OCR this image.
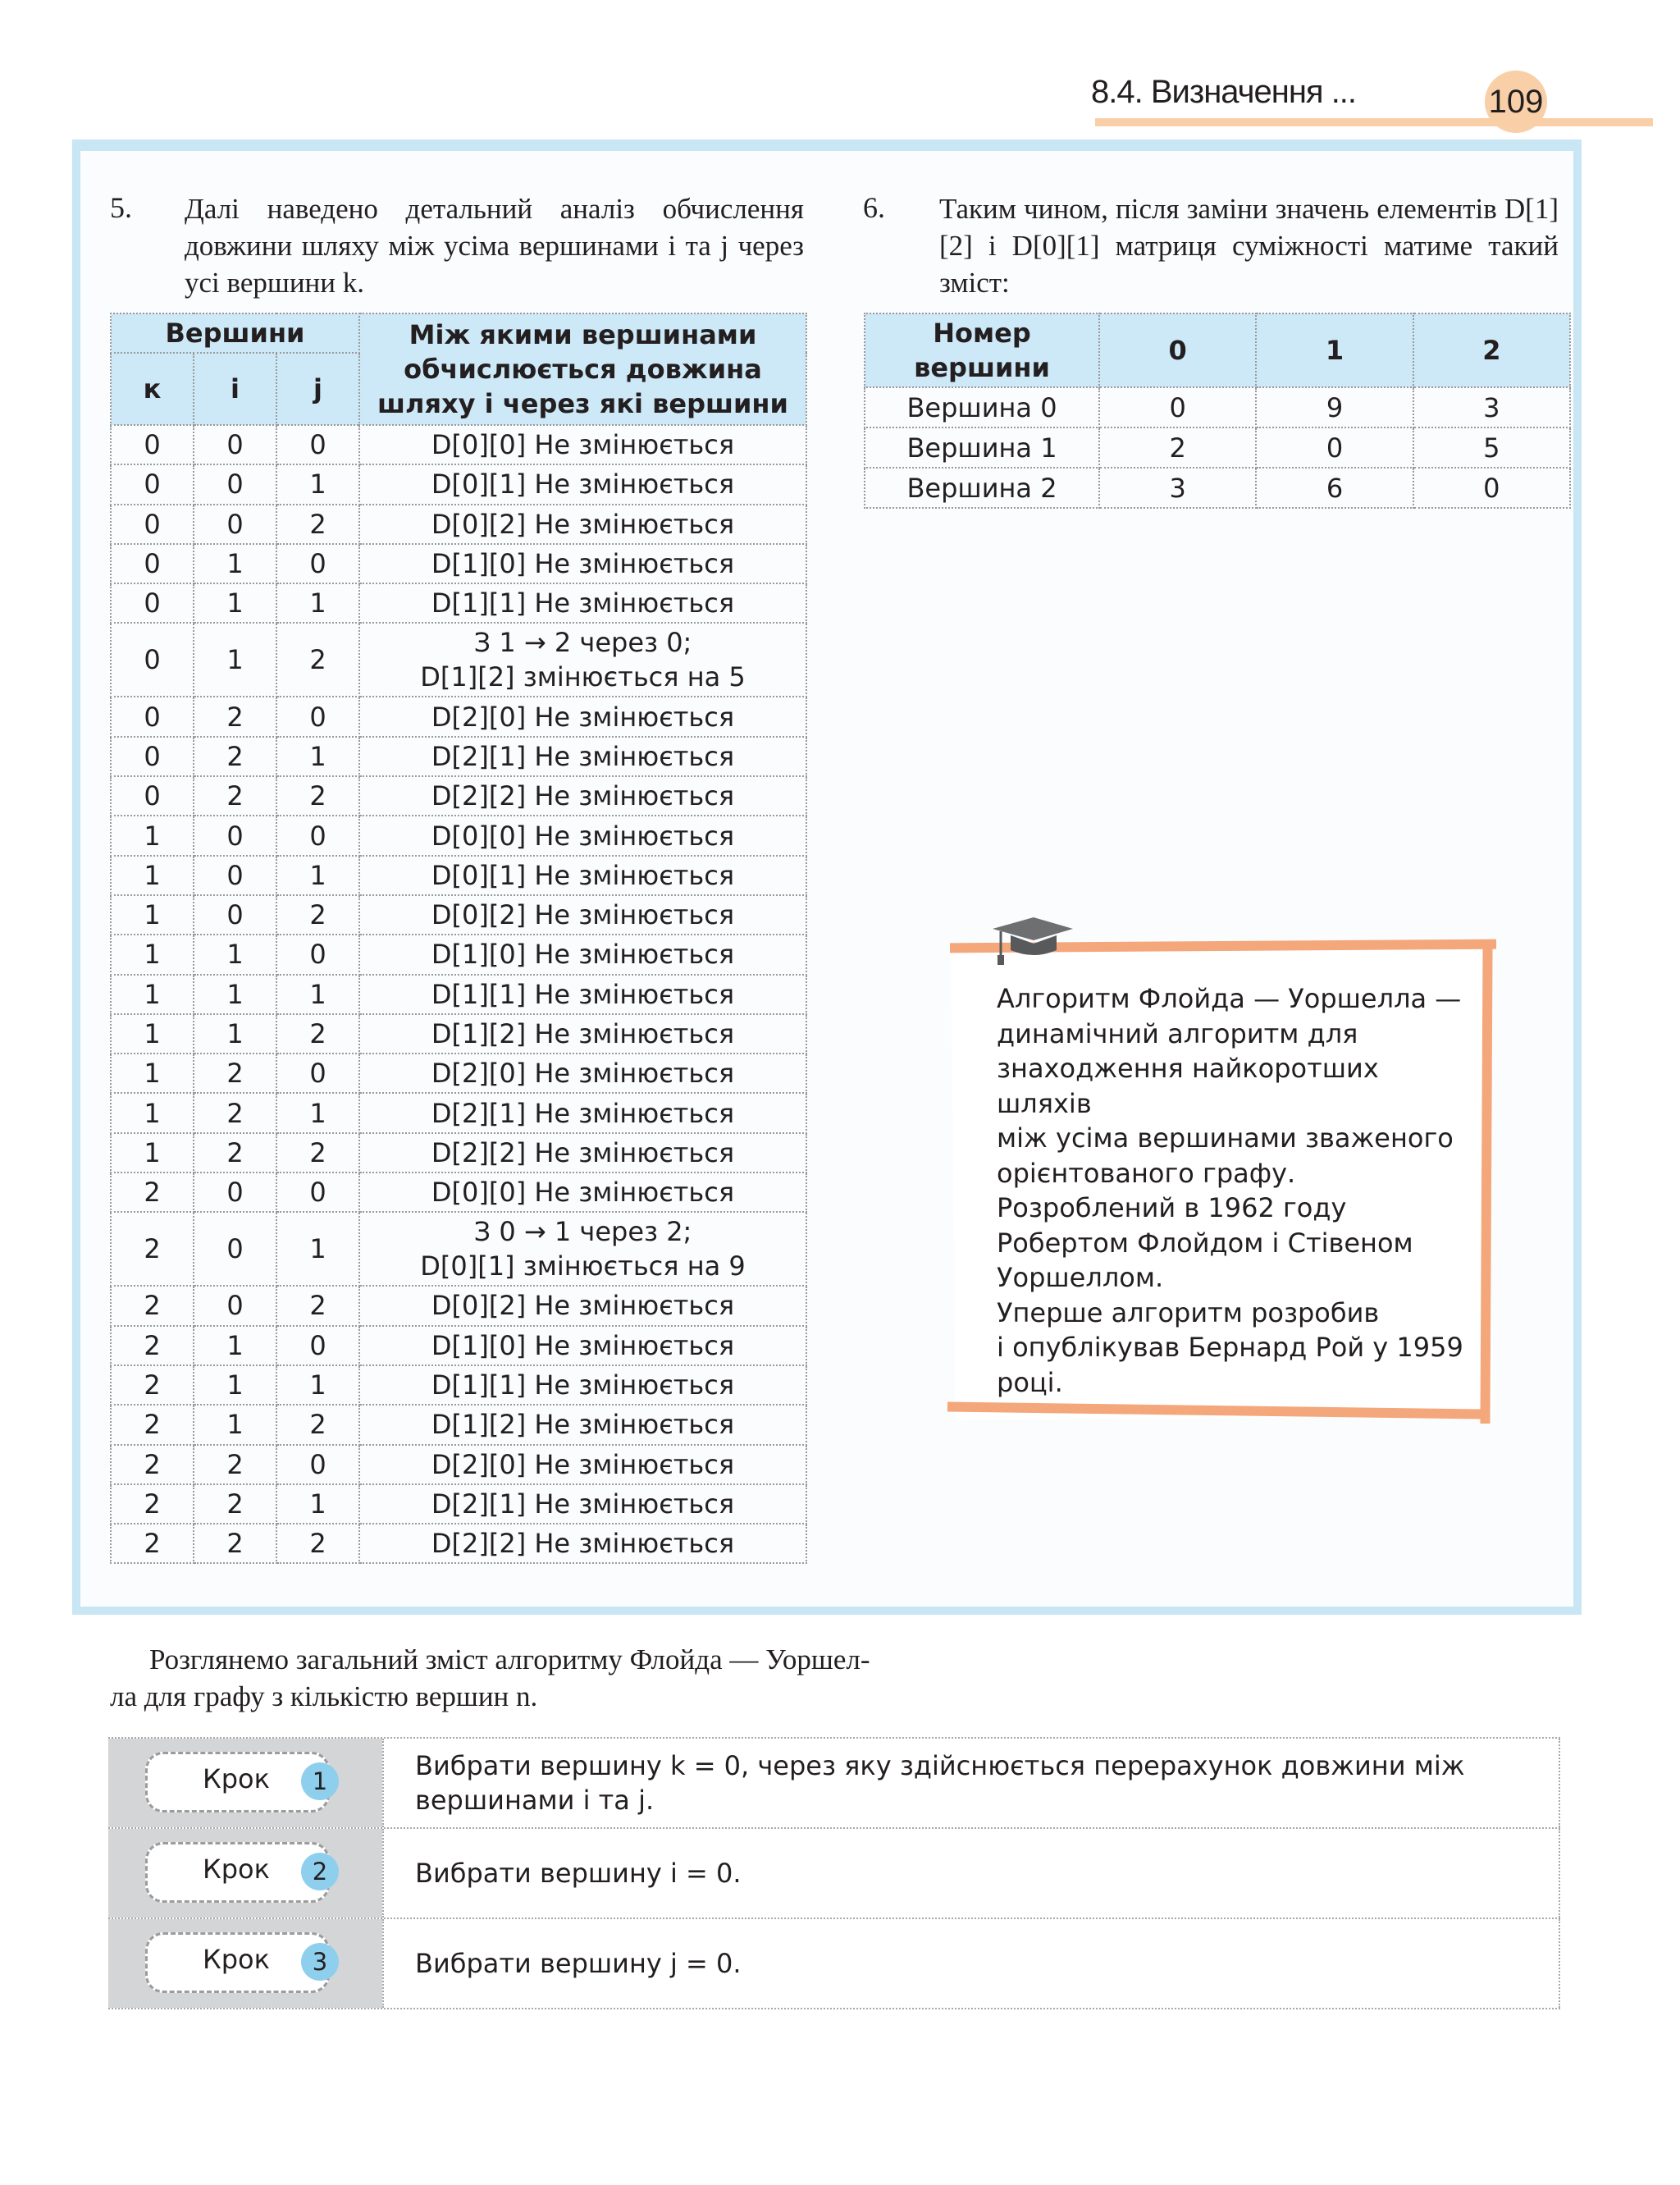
8.4. Визначення ...	109
5. Далі наведено детальний аналіз обчислення довжини шляху між усіма вершинами i та j через усі вершини k.
Вершини			Між якими вершинами обчислюється довжина шляху і через які вершини
к	і	j	
0	0	0	D[0][0] Не змінюється

0	0	1	D[0][1] Не змінюється

0	0	2	D[0][2] Не змінюється

0	1	0	D[1][0] Не змінюється

0	1	1	D[1][1] Не змінюється

0	1	2	З 1 → 2 через 0;
D[1][2] змінюється на 5

0	2	0	D[2][0] Не змінюється

0	2	1	D[2][1] Не змінюється

0	2	2	D[2][2] Не змінюється

1	0	0	D[0][0] Не змінюється

1	0	1	D[0][1] Не змінюється

1	0	2	D[0][2] Не змінюється

1	1	0	D[1][0] Не змінюється

1	1	1	D[1][1] Не змінюється

1	1	2	D[1][2] Не змінюється

1	2	0	D[2][0] Не змінюється

1	2	1	D[2][1] Не змінюється

1	2	2	D[2][2] Не змінюється

2	0	0	D[0][0] Не змінюється

2	0	1	З 0 → 1 через 2;
D[0][1] змінюється на 9

2	0	2	D[0][2] Не змінюється

2	1	0	D[1][0] Не змінюється

2	1	1	D[1][1] Не змінюється

2	1	2	D[1][2] Не змінюється

2	2	0	D[2][0] Не змінюється

2	2	1	D[2][1] Не змінюється

2	2	2	D[2][2] Не змінюється
6. Таким чином, після заміни значень елементів D[1][2] і D[0][1] матриця суміжності матиме такий зміст:
Номер вершини	0	1	2
Вершина 0	0	9	3
Вершина 1	2	0	5
Вершина 2	3	6	0
Алгоритм Флойда — Уоршелла —
динамічний алгоритм для
знаходження найкоротших шляхів
між усіма вершинами зваженого
орієнтованого графу.
Розроблений в 1962 году
Робертом Флойдом і Стівеном
Уоршеллом.
Уперше алгоритм розробив
і опублікував Бернард Рой у 1959
році.
Розглянемо загальний зміст алгоритму Флойда — Уоршел-
ла для графу з кількістю вершин n.
Крок	1	Вибрати вершину k = 0, через яку здійснюється перерахунок довжини між вершинами і та j.
Крок	2	Вибрати вершину і = 0.
Крок	3	Вибрати вершину j = 0.
